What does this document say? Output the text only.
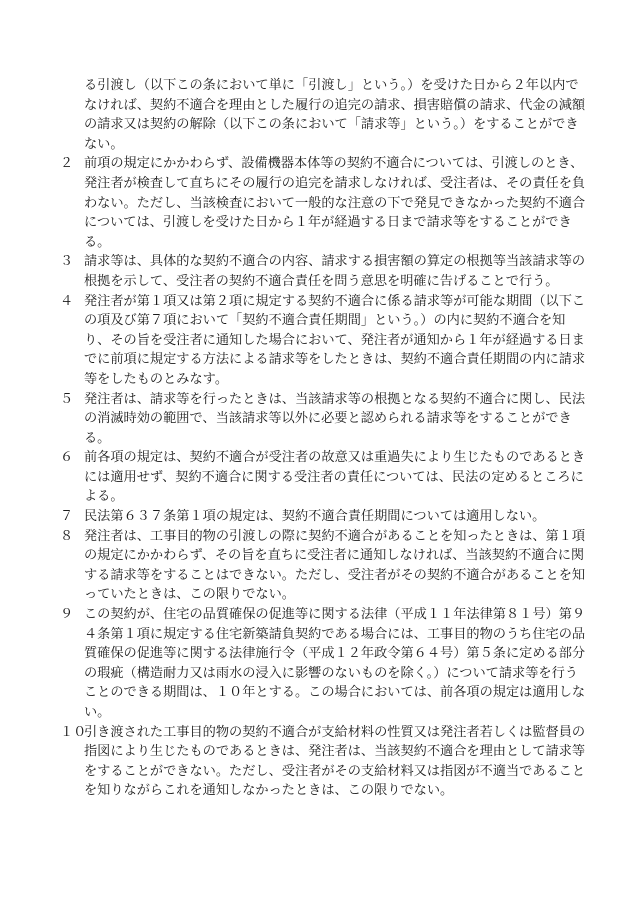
る引渡し（以下この条において単に「引渡し」という。）を受けた日から２年以内でなければ、契約不適合を理由とした履行の追完の請求、損害賠償の請求、代金の減額の請求又は契約の解除（以下この条において「請求等」という。）をすることができない。

２ 前項の規定にかかわらず、設備機器本体等の契約不適合については、引渡しのとき、発注者が検査して直ちにその履行の追完を請求しなければ、受注者は、その責任を負わない。ただし、当該検査において一般的な注意の下で発見できなかった契約不適合については、引渡しを受けた日から１年が経過する日まで請求等をすることができる。

３ 請求等は、具体的な契約不適合の内容、請求する損害額の算定の根拠等当該請求等の根拠を示して、受注者の契約不適合責任を問う意思を明確に告げることで行う。

４ 発注者が第１項又は第２項に規定する契約不適合に係る請求等が可能な期間（以下この項及び第７項において「契約不適合責任期間」という。）の内に契約不適合を知り、その旨を受注者に通知した場合において、発注者が通知から１年が経過する日までに前項に規定する方法による請求等をしたときは、契約不適合責任期間の内に請求等をしたものとみなす。

５ 発注者は、請求等を行ったときは、当該請求等の根拠となる契約不適合に関し、民法の消滅時効の範囲で、当該請求等以外に必要と認められる請求等をすることができる。

６ 前各項の規定は、契約不適合が受注者の故意又は重過失により生じたものであるときには適用せず、契約不適合に関する受注者の責任については、民法の定めるところによる。

７ 民法第６３７条第１項の規定は、契約不適合責任期間については適用しない。

８ 発注者は、工事目的物の引渡しの際に契約不適合があることを知ったときは、第１項の規定にかかわらず、その旨を直ちに受注者に通知しなければ、当該契約不適合に関する請求等をすることはできない。ただし、受注者がその契約不適合があることを知っていたときは、この限りでない。

９ この契約が、住宅の品質確保の促進等に関する法律（平成１１年法律第８１号）第９４条第１項に規定する住宅新築請負契約である場合には、工事目的物のうち住宅の品質確保の促進等に関する法律施行令（平成１２年政令第６４号）第５条に定める部分の瑕疵（構造耐力又は雨水の浸入に影響のないものを除く。）について請求等を行うことのできる期間は、１０年とする。この場合においては、前各項の規定は適用しない。

１０
引き渡された工事目的物の契約不適合が支給材料の性質又は発注者若しくは監督員の指図により生じたものであるときは、発注者は、当該契約不適合を理由として請求等をすることができない。ただし、受注者がその支給材料又は指図が不適当であることを知りながらこれを通知しなかったときは、この限りでない。
